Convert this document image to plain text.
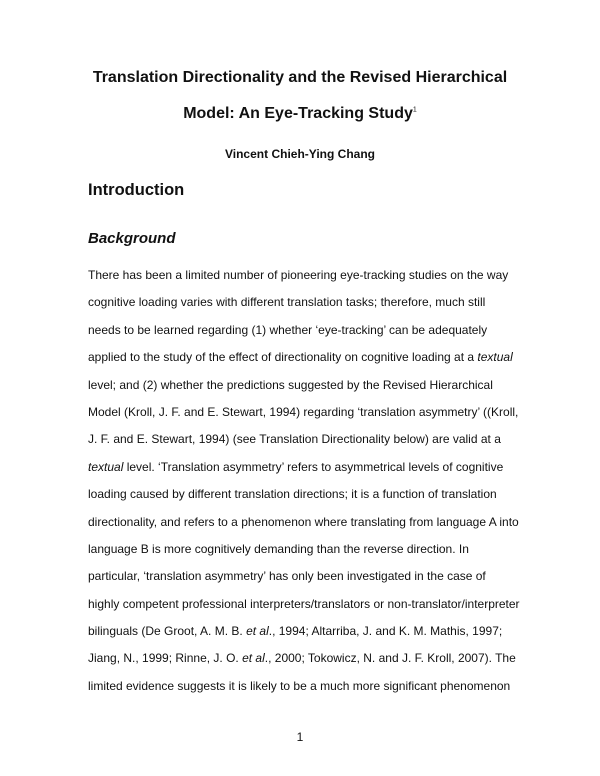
Translation Directionality and the Revised Hierarchical
Model: An Eye-Tracking Study$^1$
Vincent Chieh-Ying Chang
Introduction
Background
There has been a limited number of pioneering eye-tracking studies on the way
cognitive loading varies with different translation tasks; therefore, much still
needs to be learned regarding (1) whether ‘eye-tracking’ can be adequately
applied to the study of the effect of directionality on cognitive loading at a textual
level; and (2) whether the predictions suggested by the Revised Hierarchical
Model (Kroll, J. F. and E. Stewart, 1994) regarding ‘translation asymmetry’ ((Kroll,
J. F. and E. Stewart, 1994) (see Translation Directionality below) are valid at a
textual level. ‘Translation asymmetry’ refers to asymmetrical levels of cognitive
loading caused by different translation directions; it is a function of translation
directionality, and refers to a phenomenon where translating from language A into
language B is more cognitively demanding than the reverse direction. In
particular, ‘translation asymmetry’ has only been investigated in the case of
highly competent professional interpreters/translators or non-translator/interpreter
bilinguals (De Groot, A. M. B. et al., 1994; Altarriba, J. and K. M. Mathis, 1997;
Jiang, N., 1999; Rinne, J. O. et al., 2000; Tokowicz, N. and J. F. Kroll, 2007). The
limited evidence suggests it is likely to be a much more significant phenomenon
1
